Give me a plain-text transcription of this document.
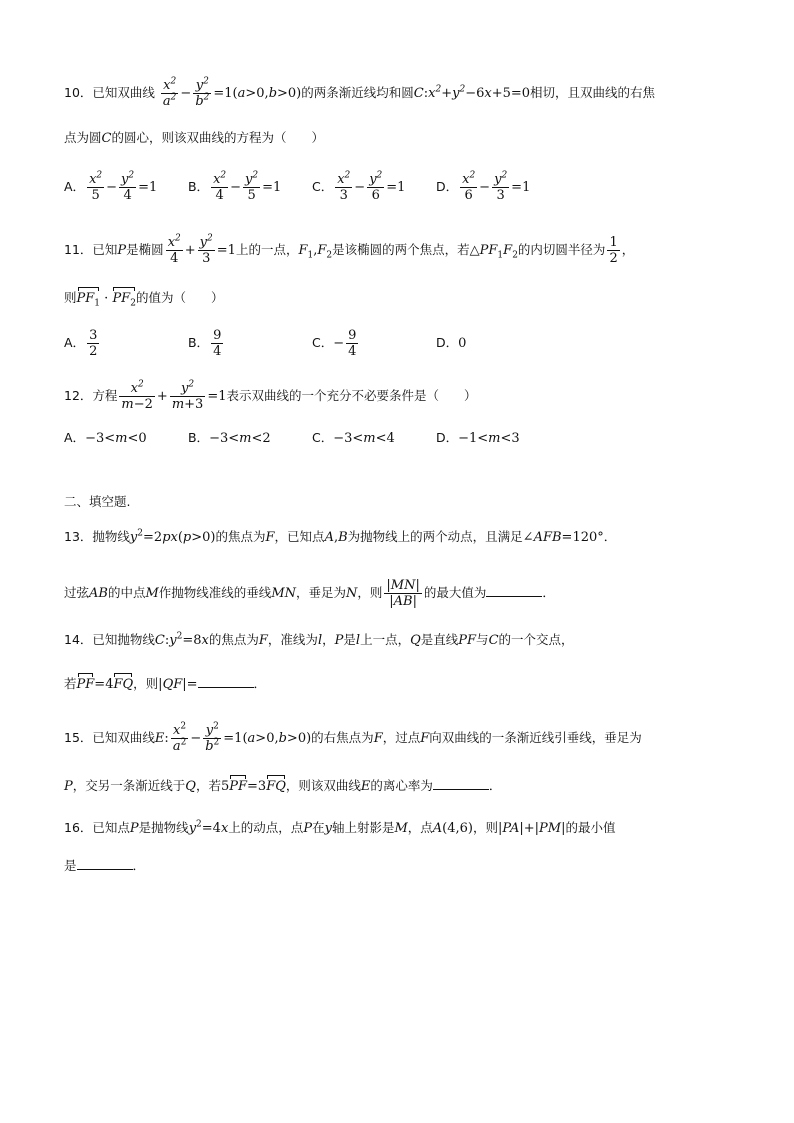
10．已知双曲线 $\frac{x^2}{a^2} - \frac{y^2}{b^2} =1(a>0,b>0)$的两条渐近线均和圆$C:x^2+y^2-6x+5=0$相切，且双曲线的右焦
点为圆C的圆心，则该双曲线的方程为（　　）
A． $\frac{x^2}{5} - \frac{y^2}{4} =1$ B． $\frac{x^2}{4} - \frac{y^2}{5} =1$ C． $\frac{x^2}{3} - \frac{y^2}{6} =1$ D． $\frac{x^2}{6} - \frac{y^2}{3} =1$
11．已知P是椭圆 $\frac{x^2}{4} + \frac{y^2}{3} =1$上的一点，$F_1,F_2$是该椭圆的两个焦点，若$\triangle PF_1F_2$的内切圆半径为 $\frac{1}{2}$ ，
则$PF_1 \cdot PF_2$的值为（　　）
A． $\frac{3}{2}$	B． $\frac{9}{4}$	C．− $\frac{9}{4}$	D．0
12．方程 $\frac{x^2}{m-2} + \frac{y^2}{m+3} =1$表示双曲线的一个充分不必要条件是（　　）
A．−3<m<0	B．−3<m<2	C．−3<m<4	D．−1<m<3
二、填空题.
13．抛物线$y^2=2px(p>0)$的焦点为F，已知点A,B为抛物线上的两个动点，且满足∠AFB=120°．
过弦AB的中点M作抛物线准线的垂线MN，垂足为N，则 $\frac{|MN|}{|AB|}$ 的最大值为	．
14．已知抛物线$C:y^2=8x$的焦点为F，准线为l，P是l上一点，Q是直线PF与C的一个交点，
若PF=4FQ，则|QF|=	．
15．已知双曲线E: $\frac{x^2}{a^2} - \frac{y^2}{b^2} =1(a>0,b>0)$的右焦点为F，过点F向双曲线的一条渐近线引垂线，垂足为
P，交另一条渐近线于Q，若5PF=3FQ，则该双曲线E的离心率为	．
16．已知点P是抛物线$y^2=4x$上的动点，点P在y轴上射影是M，点A(4,6)，则|PA|+|PM|的最小值
是	．
